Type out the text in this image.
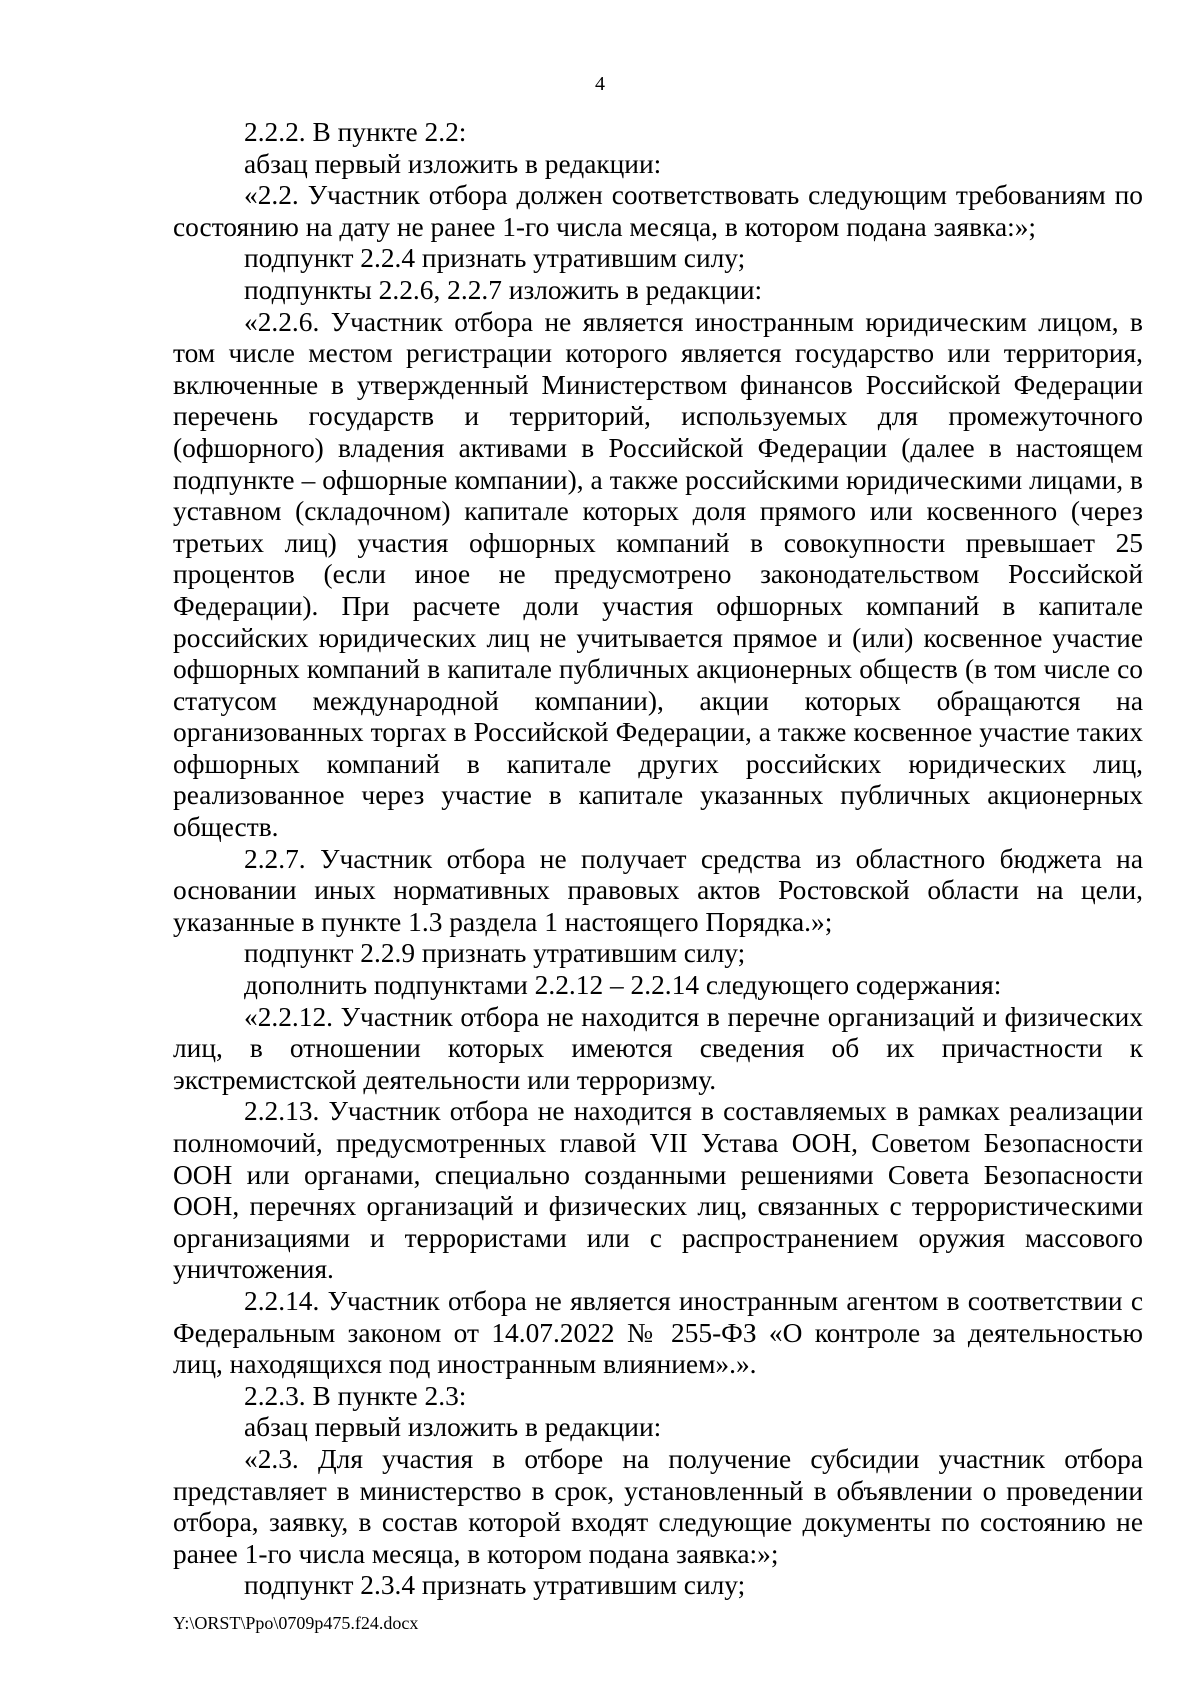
4

2.2.2. В пункте 2.2:

абзац первый изложить в редакции:

«2.2. Участник отбора должен соответствовать следующим требованиям по состоянию на дату не ранее 1-го числа месяца, в котором подана заявка:»;

подпункт 2.2.4 признать утратившим силу;

подпункты 2.2.6, 2.2.7 изложить в редакции:

«2.2.6. Участник отбора не является иностранным юридическим лицом, в том числе местом регистрации которого является государство или территория, включенные в утвержденный Министерством финансов Российской Федерации перечень государств и территорий, используемых для промежуточного (офшорного) владения активами в Российской Федерации (далее в настоящем подпункте – офшорные компании), а также российскими юридическими лицами, в уставном (складочном) капитале которых доля прямого или косвенного (через третьих лиц) участия офшорных компаний в совокупности превышает 25 процентов (если иное не предусмотрено законодательством Российской Федерации). При расчете доли участия офшорных компаний в капитале российских юридических лиц не учитывается прямое и (или) косвенное участие офшорных компаний в капитале публичных акционерных обществ (в том числе со статусом международной компании), акции которых обращаются на организованных торгах в Российской Федерации, а также косвенное участие таких офшорных компаний в капитале других российских юридических лиц, реализованное через участие в капитале указанных публичных акционерных обществ.

2.2.7. Участник отбора не получает средства из областного бюджета на основании иных нормативных правовых актов Ростовской области на цели, указанные в пункте 1.3 раздела 1 настоящего Порядка.»;

подпункт 2.2.9 признать утратившим силу;

дополнить подпунктами 2.2.12 – 2.2.14 следующего содержания:

«2.2.12. Участник отбора не находится в перечне организаций и физических лиц, в отношении которых имеются сведения об их причастности к экстремистской деятельности или терроризму.

2.2.13. Участник отбора не находится в составляемых в рамках реализации полномочий, предусмотренных главой VII Устава ООН, Советом Безопасности ООН или органами, специально созданными решениями Совета Безопасности ООН, перечнях организаций и физических лиц, связанных с террористическими организациями и террористами или с распространением оружия массового уничтожения.

2.2.14. Участник отбора не является иностранным агентом в соответствии с Федеральным законом от 14.07.2022 № 255-ФЗ «О контроле за деятельностью лиц, находящихся под иностранным влиянием».».

2.2.3. В пункте 2.3:

абзац первый изложить в редакции:

«2.3. Для участия в отборе на получение субсидии участник отбора представляет в министерство в срок, установленный в объявлении о проведении отбора, заявку, в состав которой входят следующие документы по состоянию не ранее 1-го числа месяца, в котором подана заявка:»;

подпункт 2.3.4 признать утратившим силу;

Y:\ORST\Ppo\0709p475.f24.docx
